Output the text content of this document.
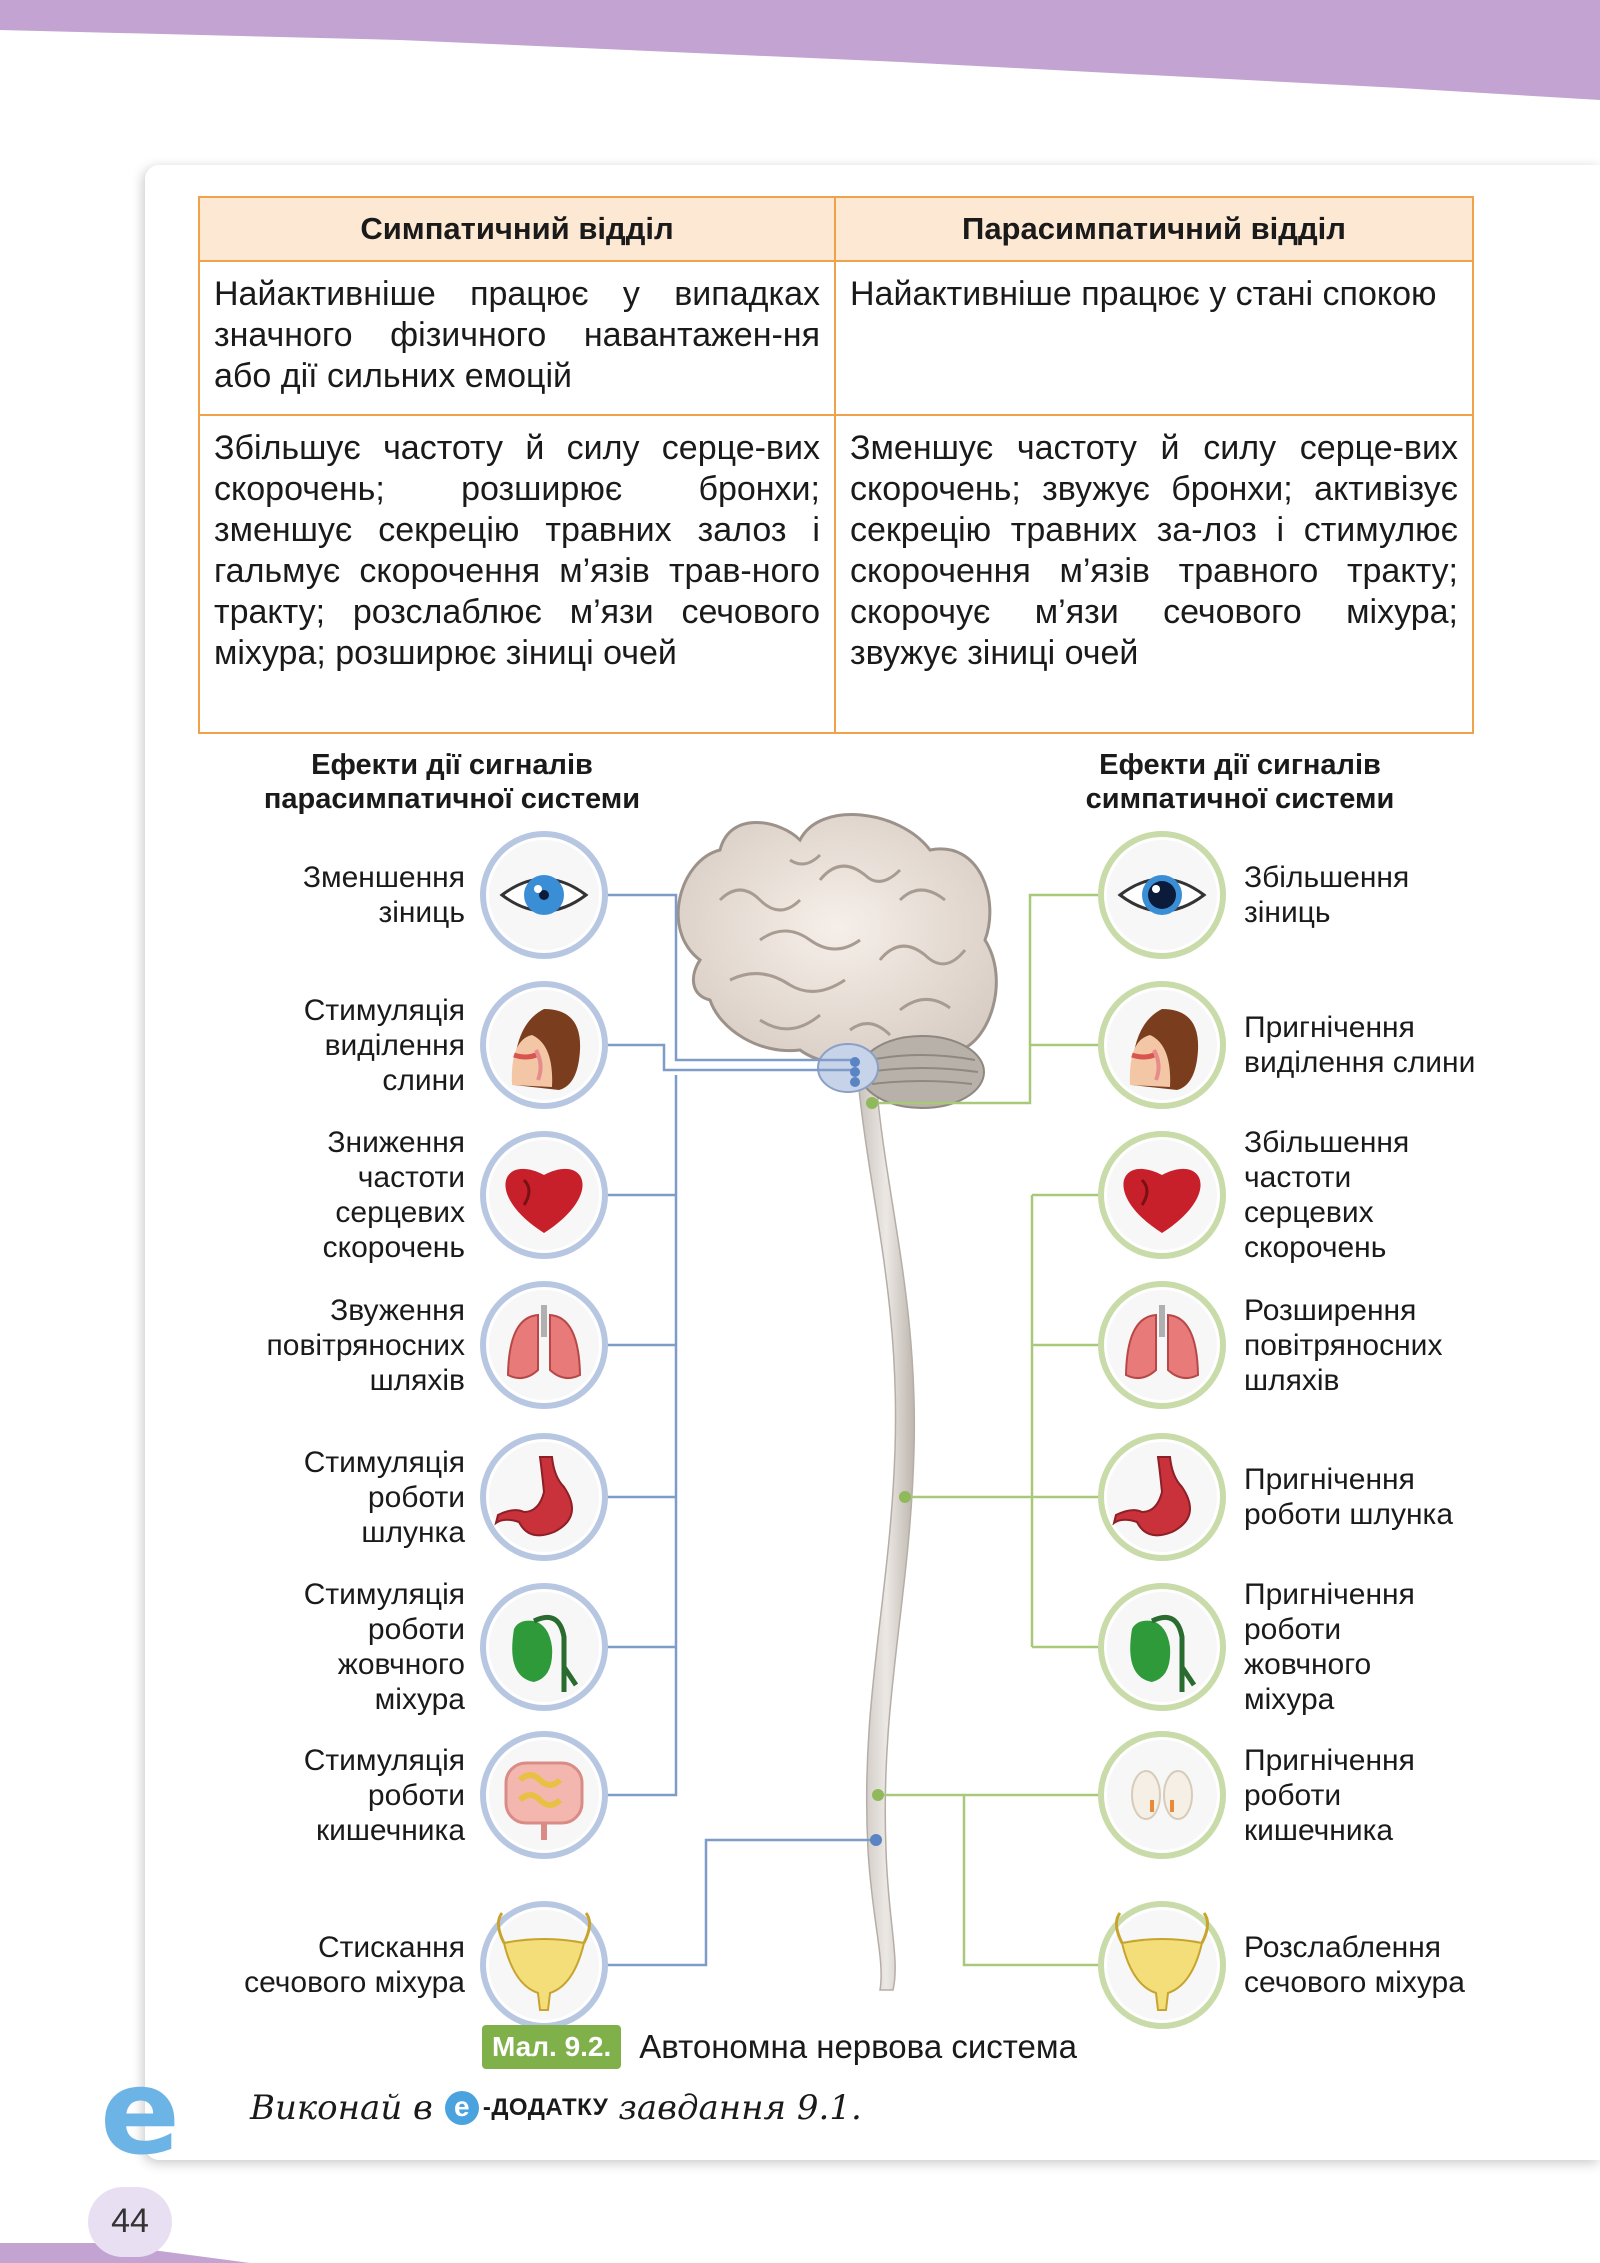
Симпатичний відділ	Парасимпатичний відділ
Найактивніше працює у випадках значного фізичного навантажен-ня або дії сильних емоцій	Найактивніше працює у стані спокою
Збільшує частоту й силу серце-вих скорочень; розширює бронхи; зменшує секрецію травних залоз і гальмує скорочення м’язів трав-ного тракту; розслаблює м’язи сечового міхура; розширює зіниці очей	Зменшує частоту й силу серце-вих скорочень; звужує бронхи; активізує секрецію травних за-лоз і стимулює скорочення м’язів травного тракту; скорочує м’язи сечового міхура; звужує зіниці очей
Ефекти дії сигналів
парасимпатичної системи
Ефекти дії сигналів
симпатичної системи
Зменшення
зіниць
Стимуляція
виділення
слини
Зниження
частоти
серцевих
скорочень
Звуження
повітряносних
шляхів
Стимуляція
роботи
шлунка
Стимуляція
роботи
жовчного
міхура
Стимуляція
роботи
кишечника
Стискання
сечового міхура
Збільшення
зіниць
Пригнічення
виділення слини
Збільшення
частоти
серцевих
скорочень
Розширення
повітряносних
шляхів
Пригнічення
роботи шлунка
Пригнічення
роботи
жовчного
міхура
Пригнічення
роботи
кишечника
Розслаблення
сечового міхура
Мал. 9.2. Автономна нервова система
e Виконай в e -ДОДАТКУ завдання 9.1.
44
